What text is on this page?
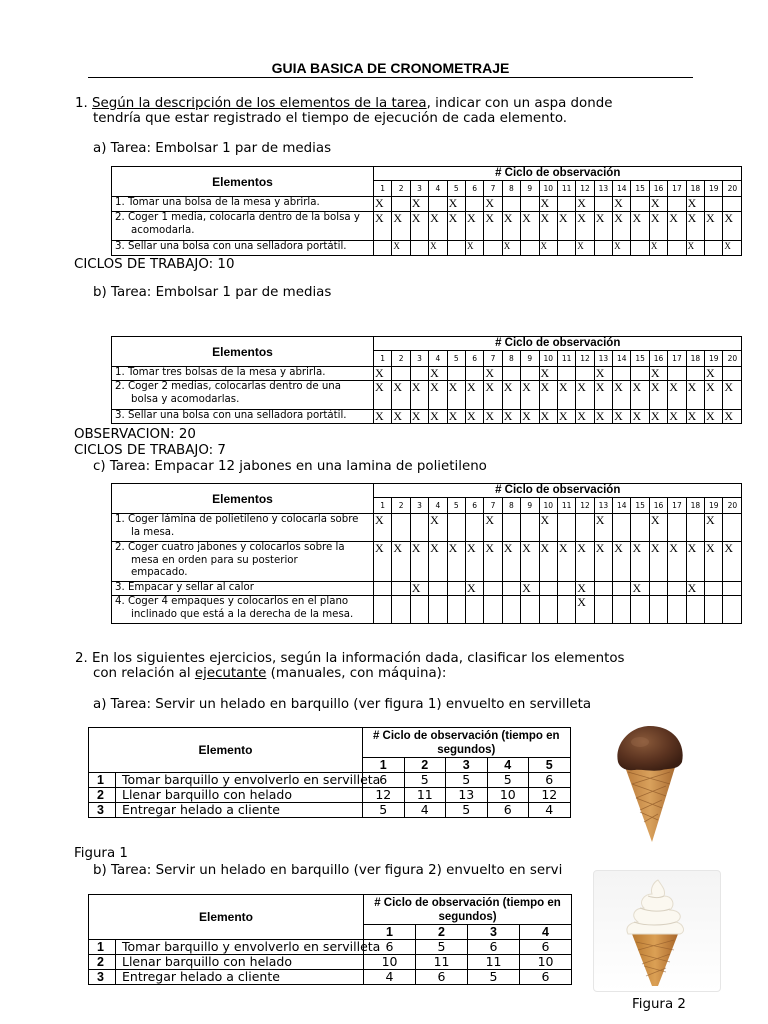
GUIA BASICA DE CRONOMETRAJE
1. Según la descripción de los elementos de la tarea, indicar con un aspa donde
tendría que estar registrado el tiempo de ejecución de cada elemento.
a) Tarea: Embolsar 1 par de medias
Elementos	# Ciclo de observación																			
	1	2	3	4	5	6	7	8	9	10	11	12	13	14	15	16	17	18	19	20

1. Tomar una bolsa de la mesa y abrirla.	X		X		X		X			X		X		X		X		X		

2. Coger 1 media, colocarla dentro de la bolsa y
acomodarla.	X	X	X	X	X	X	X	X	X	X	X	X	X	X	X	X	X	X	X	X

3. Sellar una bolsa con una selladora portátil.		X		X		X		X		X		X		X		X		X		X
CICLOS DE TRABAJO: 10
b) Tarea: Embolsar 1 par de medias
Elementos	# Ciclo de observación																			
	1	2	3	4	5	6	7	8	9	10	11	12	13	14	15	16	17	18	19	20

1. Tomar tres bolsas de la mesa y abrirla.	X			X			X			X			X			X			X	

2. Coger 2 medias, colocarlas dentro de una
bolsa y acomodarlas.	X	X	X	X	X	X	X	X	X	X	X	X	X	X	X	X	X	X	X	X

3. Sellar una bolsa con una selladora portátil.	X	X	X	X	X	X	X	X	X	X	X	X	X	X	X	X	X	X	X	X
OBSERVACION: 20
CICLOS DE TRABAJO: 7
c) Tarea: Empacar 12 jabones en una lamina de polietileno
Elementos	# Ciclo de observación																			
	1	2	3	4	5	6	7	8	9	10	11	12	13	14	15	16	17	18	19	20

1. Coger lámina de polietileno y colocarla sobre
la mesa.	X			X			X			X			X			X			X	

2. Coger cuatro jabones y colocarlos sobre la
mesa en orden para su posterior
empacado.	X	X	X	X	X	X	X	X	X	X	X	X	X	X	X	X	X	X	X	X

3. Empacar y sellar al calor			X			X			X			X			X			X		

4. Coger 4 empaques y colocarlos en el plano
inclinado que está a la derecha de la mesa.												X								
2. En los siguientes ejercicios, según la información dada, clasificar los elementos
con relación al ejecutante (manuales, con máquina):
a) Tarea: Servir un helado en barquillo (ver figura 1) envuelto en servilleta
Elemento		# Ciclo de observación (tiempo en segundos)				
		1	2	3	4	5
1	Tomar barquillo y envolverlo en servilleta	6	5	5	5	6
2	Llenar barquillo con helado	12	11	13	10	12
3	Entregar helado a cliente	5	4	5	6	4
Figura 1
b) Tarea: Servir un helado en barquillo (ver figura 2) envuelto en servi
Elemento		# Ciclo de observación (tiempo en segundos)			
		1	2	3	4
1	Tomar barquillo y envolverlo en servilleta	6	5	6	6
2	Llenar barquillo con helado	10	11	11	10
3	Entregar helado a cliente	4	6	5	6
Figura 2
